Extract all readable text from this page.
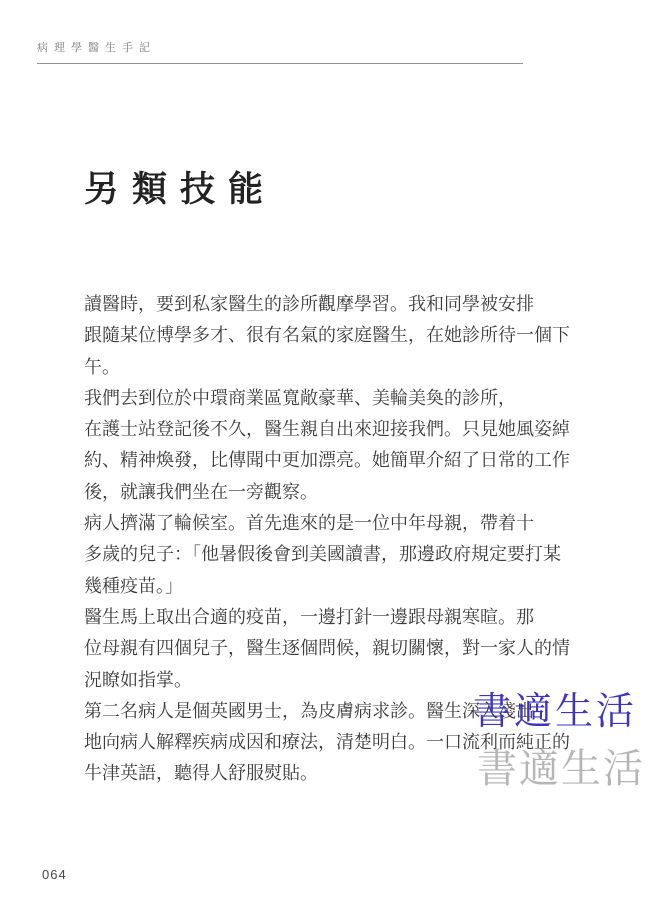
病理學醫生手記
另類技能

讀醫時，要到私家醫生的診所觀摩學習。我和同學被安排
跟隨某位博學多才、很有名氣的家庭醫生，在她診所待一個下
午。

我們去到位於中環商業區寬敞豪華、美輪美奐的診所，
在護士站登記後不久，醫生親自出來迎接我們。只見她風姿綽
約、精神煥發，比傳聞中更加漂亮。她簡單介紹了日常的工作
後，就讓我們坐在一旁觀察。

病人擠滿了輪候室。首先進來的是一位中年母親，帶着十
多歲的兒子：「他暑假後會到美國讀書，那邊政府規定要打某
幾種疫苗。」

醫生馬上取出合適的疫苗，一邊打針一邊跟母親寒暄。那
位母親有四個兒子，醫生逐個問候，親切關懷，對一家人的情
況瞭如指掌。

第二名病人是個英國男士，為皮膚病求診。醫生深入淺出
地向病人解釋疾病成因和療法，清楚明白。一口流利而純正的
牛津英語，聽得人舒服熨貼。

書適生活
書適生活
064
